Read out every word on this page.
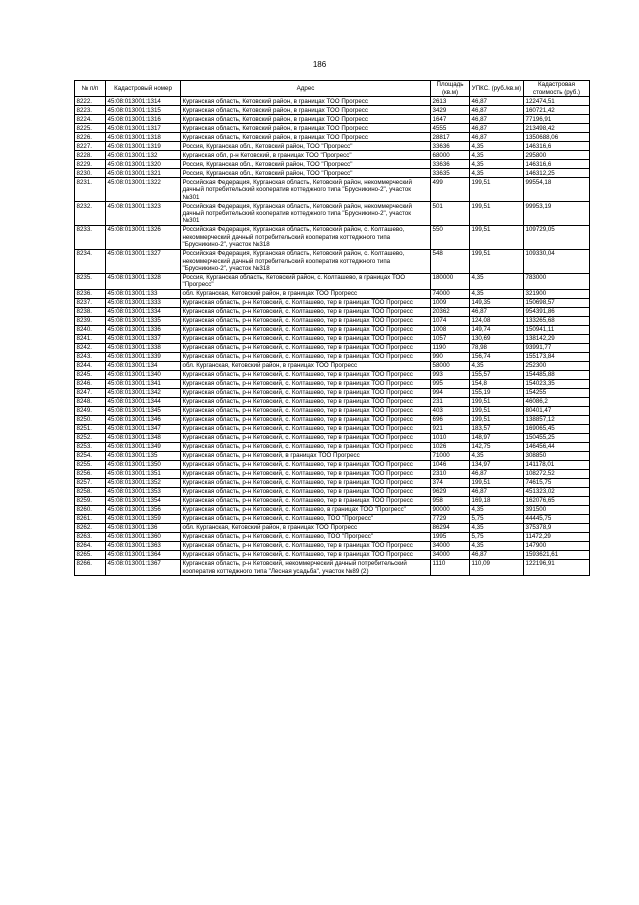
186
№ п/п	Кадастровый номер	Адрес	Площадь (кв.м)	УПКС. (руб./кв.м)	Кадастровая стоимость (руб.)
8222.	45:08:013001:1314	Курганская область, Кетовский район, в границах ТОО Прогресс	2613	46,87	122474,51
8223.	45:08:013001:1315	Курганская область, Кетовский район, в границах ТОО Прогресс	3429	46,87	160721,42
8224.	45:08:013001:1316	Курганская область, Кетовский район, в границах ТОО Прогресс	1647	46,87	77196,91
8225.	45:08:013001:1317	Курганская область, Кетовский район, в границах ТОО Прогресс	4555	46,87	213498,42
8226.	45:08:013001:1318	Курганская область, Кетовский район, в границах ТОО Прогресс	28817	46,87	1350688,06
8227.	45:08:013001:1319	Россия, Курганская обл., Кетовский район, ТОО "Прогресс"	33636	4,35	146316,6
8228.	45:08:013001:132	Курганская обл, р-н Кетовский, в границах ТОО "Прогресс"	68000	4,35	295800
8229.	45:08:013001:1320	Россия, Курганская обл., Кетовский район, ТОО "Прогресс"	33636	4,35	146316,6
8230.	45:08:013001:1321	Россия, Курганская обл., Кетовский район, ТОО "Прогресс"	33635	4,35	146312,25
8231.	45:08:013001:1322	Российская Федерация, Курганская область, Кетовский район, некоммерческий дачный потребительский кооператив коттеджного типа "Брусникино-2", участок №301	499	199,51	99554,18
8232.	45:08:013001:1323	Российская Федерация, Курганская область, Кетовский район, некоммерческий дачный потребительский кооператив коттеджного типа "Брусникино-2", участок №301	501	199,51	99953,19
8233.	45:08:013001:1326	Российская Федерация, Курганская область, Кетовский район, с. Колташево, некоммерческий дачный потребительский кооператив коттеджного типа "Брусникино-2", участок №318	550	199,51	109729,05
8234.	45:08:013001:1327	Российская Федерация, Курганская область, Кетовский район, с. Колташево, некоммерческий дачный потребительский кооператив коттеджного типа "Брусникино-2", участок №318	548	199,51	109330,04
8235.	45:08:013001:1328	Россия, Курганская область, Кетовский район, с. Колташево, в границах ТОО "Прогресс"	180000	4,35	783000
8236.	45:08:013001:133	обл. Курганская, Кетовский район, в границах ТОО Прогресс	74000	4,35	321900
8237.	45:08:013001:1333	Курганская область, р-н Кетовский, с. Колташево, тер в границах ТОО Прогресс	1009	149,35	150698,57
8238.	45:08:013001:1334	Курганская область, р-н Кетовский, с. Колташево, тер в границах ТОО Прогресс	20362	46,87	954391,86
8239.	45:08:013001:1335	Курганская область, р-н Кетовский, с. Колташево, тер в границах ТОО Прогресс	1074	124,08	133265,68
8240.	45:08:013001:1336	Курганская область, р-н Кетовский, с. Колташево, тер в границах ТОО Прогресс	1008	149,74	150941,11
8241.	45:08:013001:1337	Курганская область, р-н Кетовский, с. Колташево, тер в границах ТОО Прогресс	1057	130,69	138142,29
8242.	45:08:013001:1338	Курганская область, р-н Кетовский, с. Колташево, тер в границах ТОО Прогресс	1190	78,98	93991,77
8243.	45:08:013001:1339	Курганская область, р-н Кетовский, с. Колташево, тер в границах ТОО Прогресс	990	156,74	155173,84
8244.	45:08:013001:134	обл. Курганская, Кетовский район, в границах ТОО Прогресс	58000	4,35	252300
8245.	45:08:013001:1340	Курганская область, р-н Кетовский, с. Колташево, тер в границах ТОО Прогресс	993	155,57	154485,88
8246.	45:08:013001:1341	Курганская область, р-н Кетовский, с. Колташево, тер в границах ТОО Прогресс	995	154,8	154023,35
8247.	45:08:013001:1342	Курганская область, р-н Кетовский, с. Колташево, тер в границах ТОО Прогресс	994	155,19	154255
8248.	45:08:013001:1344	Курганская область, р-н Кетовский, с. Колташево, тер в границах ТОО Прогресс	231	199,51	46086,2
8249.	45:08:013001:1345	Курганская область, р-н Кетовский, с. Колташево, тер в границах ТОО Прогресс	403	199,51	80401,47
8250.	45:08:013001:1346	Курганская область, р-н Кетовский, с. Колташево, тер в границах ТОО Прогресс	696	199,51	138857,12
8251.	45:08:013001:1347	Курганская область, р-н Кетовский, с. Колташево, тер в границах ТОО Прогресс	921	183,57	169065,45
8252.	45:08:013001:1348	Курганская область, р-н Кетовский, с. Колташево, тер в границах ТОО Прогресс	1010	148,97	150455,25
8253.	45:08:013001:1349	Курганская область, р-н Кетовский, с. Колташево, тер в границах ТОО Прогресс	1026	142,75	146456,44
8254.	45:08:013001:135	Курганская область, р-н Кетовский, в границах ТОО Прогресс	71000	4,35	308850
8255.	45:08:013001:1350	Курганская область, р-н Кетовский, с. Колташево, тер в границах ТОО Прогресс	1046	134,97	141178,01
8256.	45:08:013001:1351	Курганская область, р-н Кетовский, с. Колташево, тер в границах ТОО Прогресс	2310	46,87	108272,52
8257.	45:08:013001:1352	Курганская область, р-н Кетовский, с. Колташево, тер в границах ТОО Прогресс	374	199,51	74615,75
8258.	45:08:013001:1353	Курганская область, р-н Кетовский, с. Колташево, тер в границах ТОО Прогресс	9629	46,87	451323,02
8259.	45:08:013001:1354	Курганская область, р-н Кетовский, с. Колташево, тер в границах ТОО Прогресс	958	169,18	162076,65
8260.	45:08:013001:1356	Курганская область, р-н Кетовский, с. Колташево, в границах ТОО "Прогресс"	90000	4,35	391500
8261.	45:08:013001:1359	Курганская область, р-н Кетовский, с. Колташево, ТОО "Прогресс"	7729	5,75	44445,75
8262.	45:08:013001:136	обл. Курганская, Кетовский район, в границах ТОО Прогресс	86294	4,35	375378,9
8263.	45:08:013001:1360	Курганская область, р-н Кетовский, с. Колташево, ТОО "Прогресс"	1995	5,75	11472,29
8264.	45:08:013001:1363	Курганская область, р-н Кетовский, с. Колташево, тер в границах ТОО Прогресс	34000	4,35	147900
8265.	45:08:013001:1364	Курганская область, р-н Кетовский, с. Колташево, тер в границах ТОО Прогресс	34000	46,87	1593621,61
8266.	45:08:013001:1367	Курганская область, р-н Кетовский, некоммерческий дачный потребительский кооператив коттеджного типа "Лесная усадьба", участок №89 (2)	1110	110,09	122196,91
